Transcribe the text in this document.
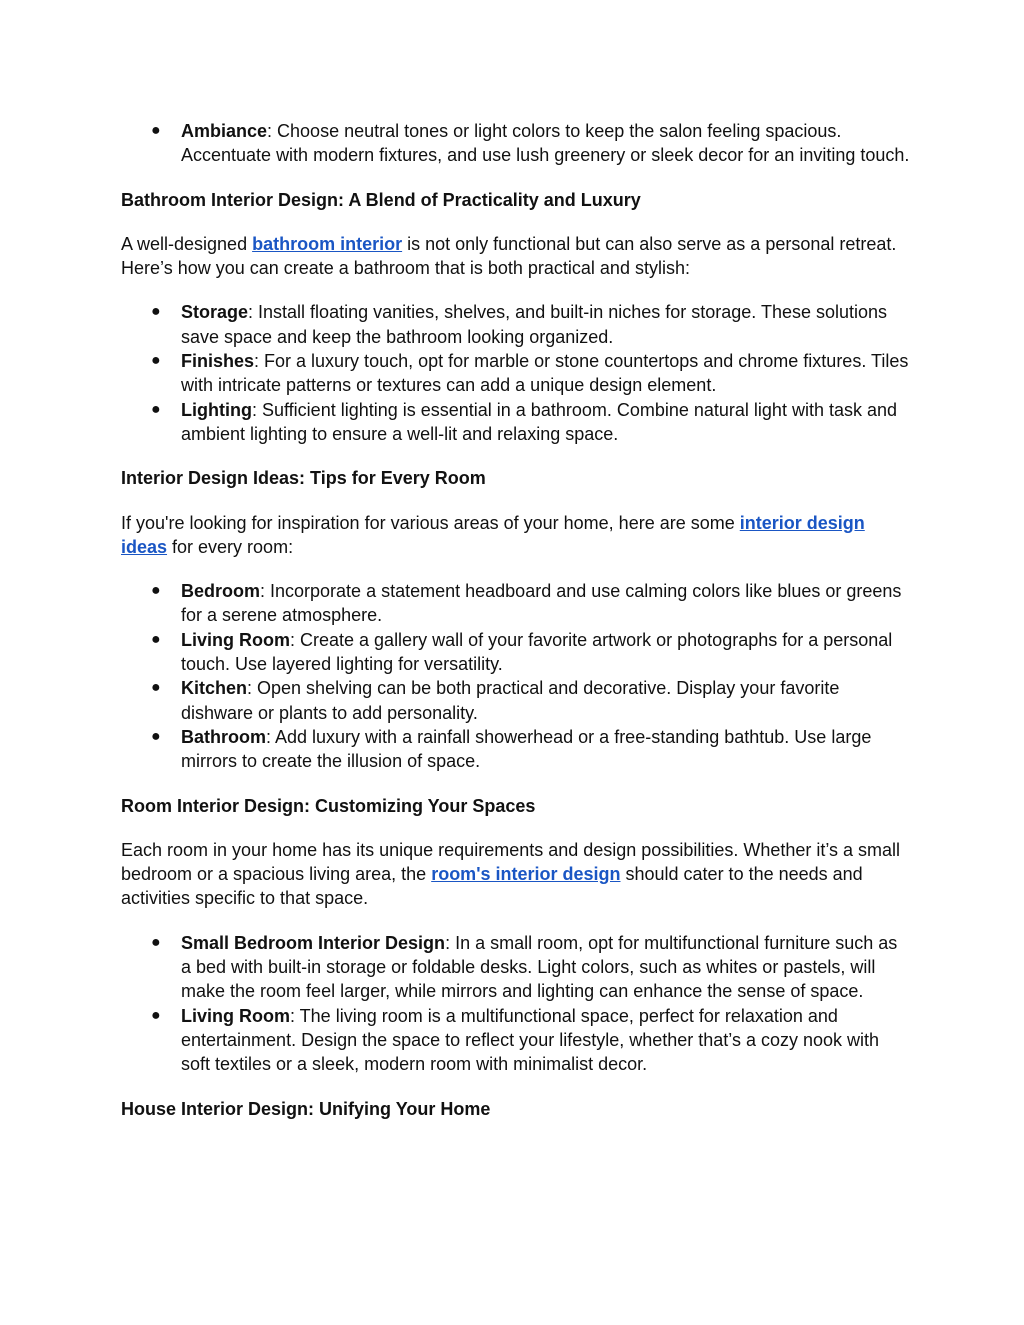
● Ambiance: Choose neutral tones or light colors to keep the salon feeling spacious. Accentuate with modern fixtures, and use lush greenery or sleek decor for an inviting touch.

Bathroom Interior Design: A Blend of Practicality and Luxury

A well-designed bathroom interior is not only functional but can also serve as a personal retreat. Here’s how you can create a bathroom that is both practical and stylish:

● Storage: Install floating vanities, shelves, and built-in niches for storage. These solutions save space and keep the bathroom looking organized.
● Finishes: For a luxury touch, opt for marble or stone countertops and chrome fixtures. Tiles with intricate patterns or textures can add a unique design element.
● Lighting: Sufficient lighting is essential in a bathroom. Combine natural light with task and ambient lighting to ensure a well-lit and relaxing space.

Interior Design Ideas: Tips for Every Room

If you're looking for inspiration for various areas of your home, here are some interior design ideas for every room:

● Bedroom: Incorporate a statement headboard and use calming colors like blues or greens for a serene atmosphere.
● Living Room: Create a gallery wall of your favorite artwork or photographs for a personal touch. Use layered lighting for versatility.
● Kitchen: Open shelving can be both practical and decorative. Display your favorite dishware or plants to add personality.
● Bathroom: Add luxury with a rainfall showerhead or a free-standing bathtub. Use large mirrors to create the illusion of space.

Room Interior Design: Customizing Your Spaces

Each room in your home has its unique requirements and design possibilities. Whether it’s a small bedroom or a spacious living area, the room's interior design should cater to the needs and activities specific to that space.

● Small Bedroom Interior Design: In a small room, opt for multifunctional furniture such as a bed with built-in storage or foldable desks. Light colors, such as whites or pastels, will make the room feel larger, while mirrors and lighting can enhance the sense of space.
● Living Room: The living room is a multifunctional space, perfect for relaxation and entertainment. Design the space to reflect your lifestyle, whether that’s a cozy nook with soft textiles or a sleek, modern room with minimalist decor.

House Interior Design: Unifying Your Home
